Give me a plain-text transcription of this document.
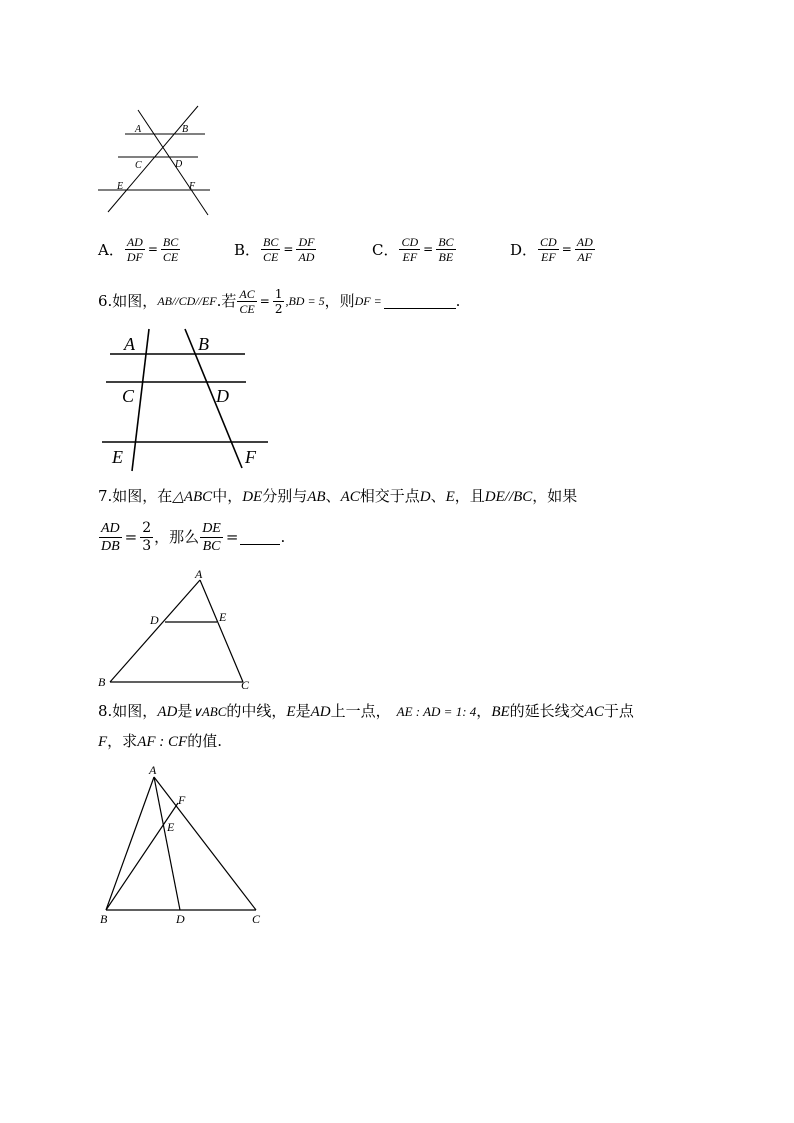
A	B
C	D
E	F
A． $\frac{AD}{DF} = \frac{BC}{CE}$	B． $\frac{BC}{CE} = \frac{DF}{AD}$	C． $\frac{CD}{EF} = \frac{BC}{BE}$	D． $\frac{CD}{EF} = \frac{AD}{AF}$
6.如图， AB//CD//EF .若 $\frac{AC}{CE} = \frac{1}{2} ,BD = 5$ ，则 DF =	.
A	B
C	D
E	F
7.如图，在△ABC中，DE分别与AB、AC相交于点D、E，且DE//BC，如果
$\frac{AD}{DB} = \frac{2}{3}$ ，那么 $\frac{DE}{BC}$ =	.
A
B	C
D	E
8.如图，AD是∨ABC的中线，E是AD上一点， AE : AD = 1: 4，BE的延长线交AC于点
F，求AF : CF的值.
A
B	C
D
E
F
